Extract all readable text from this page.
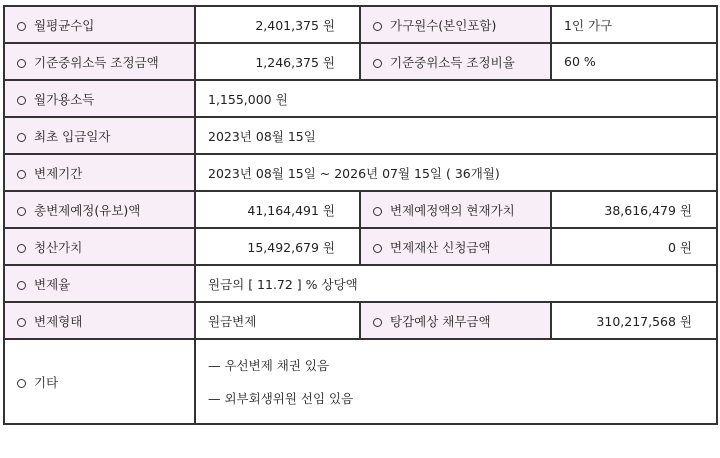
월평균수입	2,401,375 원	가구원수(본인포함)	1인 가구
기준중위소득 조정금액	1,246,375 원	기준중위소득 조정비율	60 %
월가용소득	1,155,000 원		
최초 입금일자	2023년 08월 15일		
변제기간	2023년 08월 15일 ~ 2026년 07월 15일 ( 36개월)		
총변제예정(유보)액	41,164,491 원	변제예정액의 현재가치	38,616,479 원
청산가치	15,492,679 원	면제재산 신청금액	0 원
변제율	원금의 [ 11.72 ] % 상당액		
변제형태	원금변제	탕감예상 채무금액	310,217,568 원
기타	— 우선변제 채권 있음
— 외부회생위원 선임 있음		
